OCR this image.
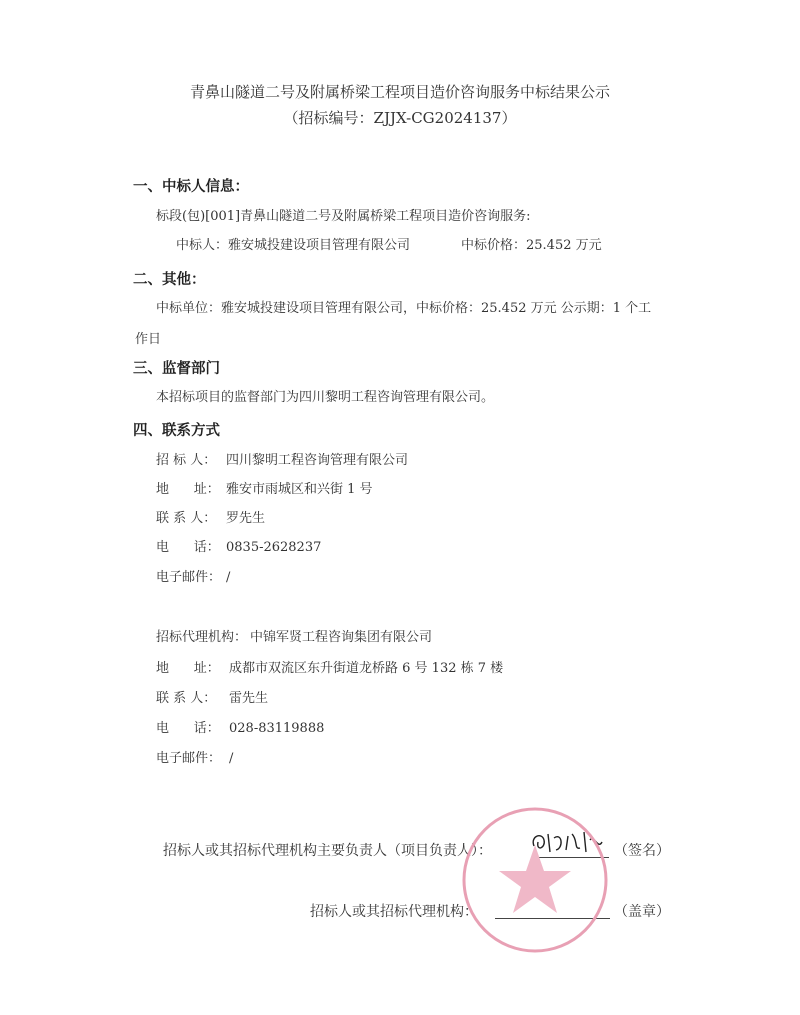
青鼻山隧道二号及附属桥梁工程项目造价咨询服务中标结果公示
（招标编号：ZJJX-CG2024137）
一、中标人信息：
标段(包)[001]青鼻山隧道二号及附属桥梁工程项目造价咨询服务:
中标人：雅安城投建设项目管理有限公司	中标价格：25.452 万元
二、其他：
中标单位：雅安城投建设项目管理有限公司，中标价格：25.452 万元 公示期：1 个工
作日
三、监督部门
本招标项目的监督部门为四川黎明工程咨询管理有限公司。
四、联系方式
招 标 人： 四川黎明工程咨询管理有限公司
地      址： 雅安市雨城区和兴街 1 号
联 系 人： 罗先生
电      话： 0835-2628237
电子邮件： /
招标代理机构： 中锦军贤工程咨询集团有限公司
地      址： 成都市双流区东升街道龙桥路 6 号 132 栋 7 楼
联 系 人： 雷先生
电      话： 028-83119888
电子邮件： /
招标人或其招标代理机构主要负责人（项目负责人）：	（签名）
招标人或其招标代理机构：	（盖章）
